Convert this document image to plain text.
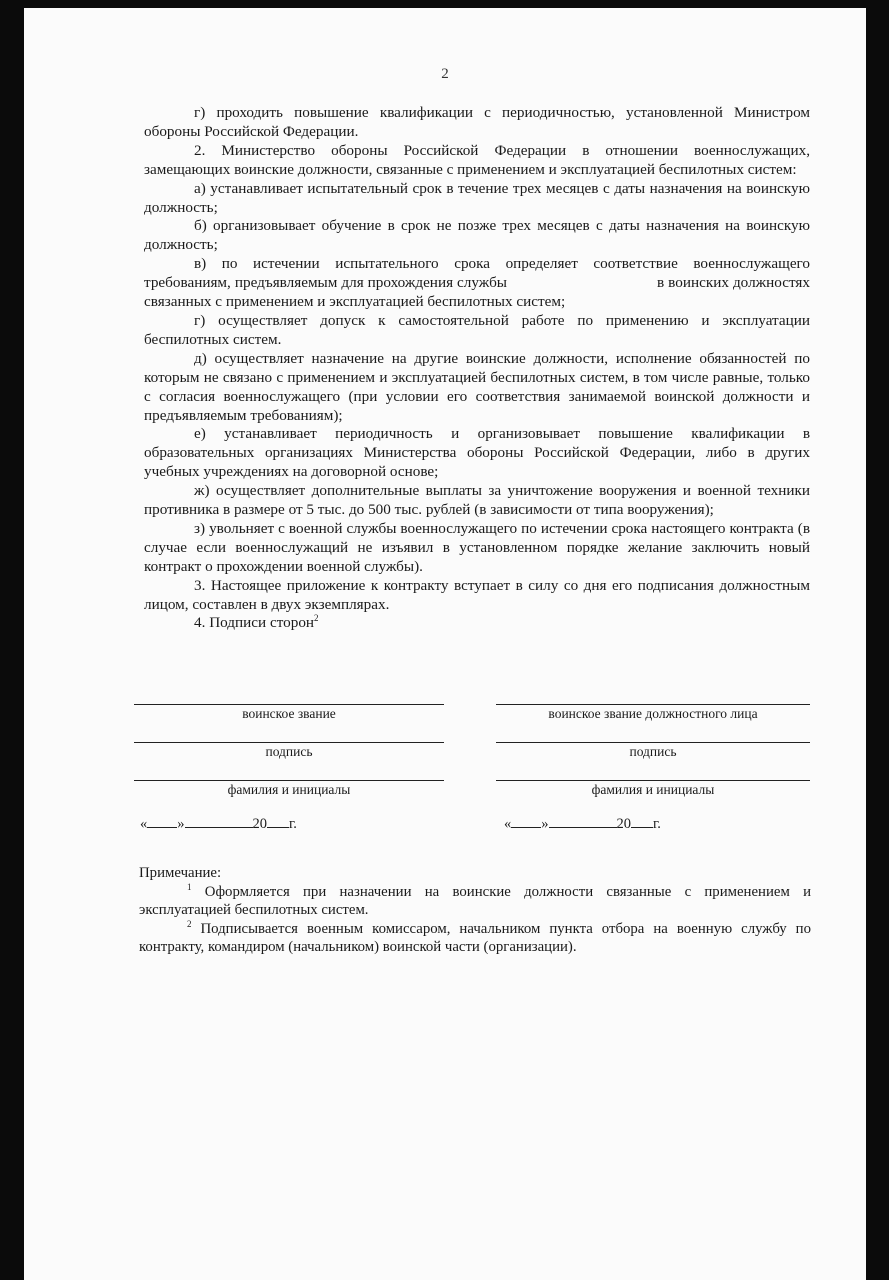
2

г) проходить повышение квалификации с периодичностью, установленной Министром обороны Российской Федерации.

2. Министерство обороны Российской Федерации в отношении военнослужащих, замещающих воинские должности, связанные с применением и эксплуатацией беспилотных систем:

а) устанавливает испытательный срок в течение трех месяцев с даты назначения на воинскую должность;

б) организовывает обучение в срок не позже трех месяцев с даты назначения на воинскую должность;

в) по истечении испытательного срока определяет соответствие военнослужащего требованиям, предъявляемым для прохождения службы	в воинских должностях связанных с применением и эксплуатацией беспилотных систем;

г) осуществляет допуск к самостоятельной работе по применению и эксплуатации беспилотных систем.

д) осуществляет назначение на другие воинские должности, исполнение обязанностей по которым не связано с применением и эксплуатацией беспилотных систем, в том числе равные, только с согласия военнослужащего (при условии его соответствия занимаемой воинской должности и предъявляемым требованиям);

е) устанавливает периодичность и организовывает повышение квалификации в образовательных организациях Министерства обороны Российской Федерации, либо в других учебных учреждениях на договорной основе;

ж) осуществляет дополнительные выплаты за уничтожение вооружения и военной техники противника в размере от 5 тыс. до 500 тыс. рублей (в зависимости от типа вооружения);

з) увольняет с военной службы военнослужащего по истечении срока настоящего контракта (в случае если военнослужащий не изъявил в установленном порядке желание заключить новый контракт о прохождении военной службы).

3. Настоящее приложение к контракту вступает в силу со дня его подписания должностным лицом, составлен в двух экземплярах.

4. Подписи сторон$^2$

воинское звание
подпись
фамилия и инициалы
« »	20 г.
воинское звание должностного лица
подпись
фамилия и инициалы
« »	20 г.

Примечание:

$^1$ Оформляется при назначении на воинские должности связанные с применением и эксплуатацией беспилотных систем.

$^2$ Подписывается военным комиссаром, начальником пункта отбора на военную службу по контракту, командиром (начальником) воинской части (организации).
